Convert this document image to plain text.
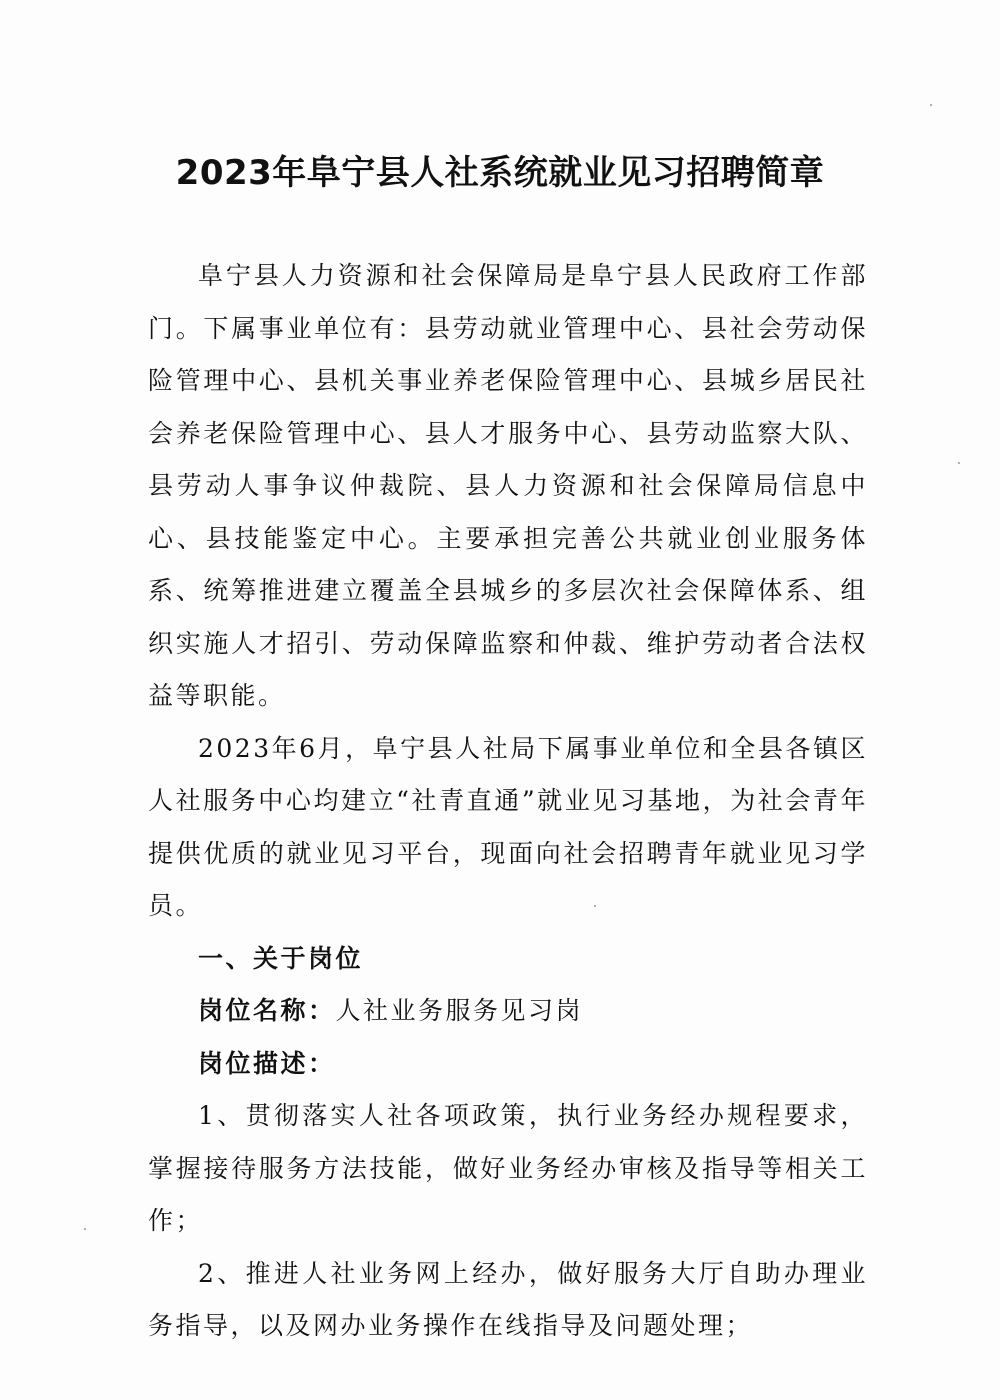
2023年阜宁县人社系统就业见习招聘简章

阜宁县人力资源和社会保障局是阜宁县人民政府工作部门。下属事业单位有：县劳动就业管理中心、县社会劳动保险管理中心、县机关事业养老保险管理中心、县城乡居民社会养老保险管理中心、县人才服务中心、县劳动监察大队、县劳动人事争议仲裁院、县人力资源和社会保障局信息中心、县技能鉴定中心。主要承担完善公共就业创业服务体系、统筹推进建立覆盖全县城乡的多层次社会保障体系、组织实施人才招引、劳动保障监察和仲裁、维护劳动者合法权益等职能。

2023年6月，阜宁县人社局下属事业单位和全县各镇区人社服务中心均建立“社青直通”就业见习基地，为社会青年提供优质的就业见习平台，现面向社会招聘青年就业见习学员。

一、关于岗位

岗位名称：人社业务服务见习岗

岗位描述：

1、贯彻落实人社各项政策，执行业务经办规程要求，掌握接待服务方法技能，做好业务经办审核及指导等相关工作；

2、推进人社业务网上经办，做好服务大厅自助办理业务指导，以及网办业务操作在线指导及问题处理；
